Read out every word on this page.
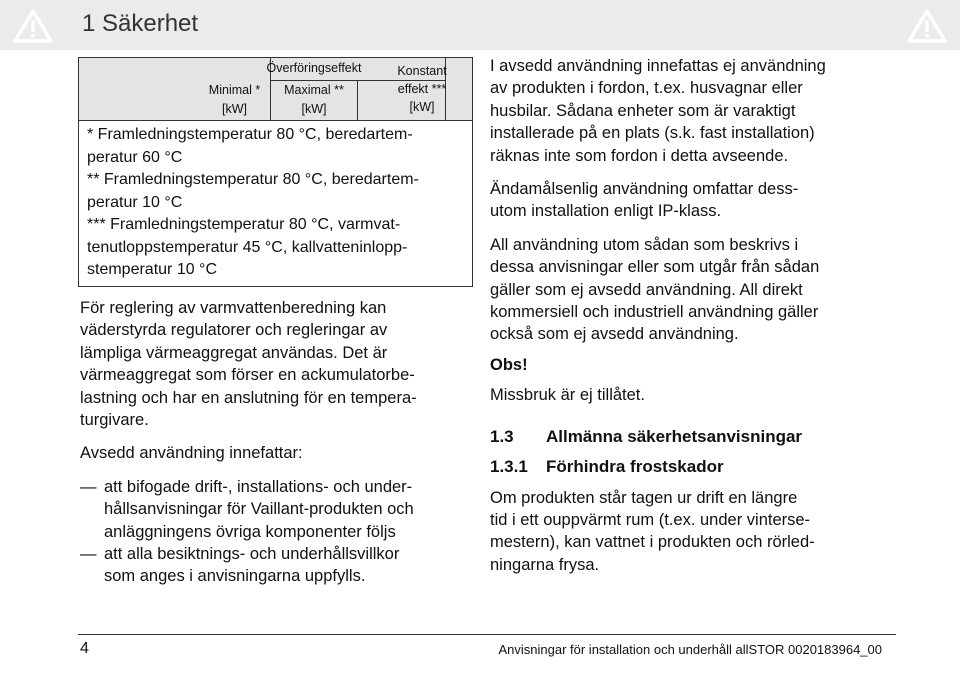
1 Säkerhet
Överföringseffekt
Minimal *
[kW]
Maximal **
[kW]
Konstant
effekt ***
[kW]

* Framledningstemperatur 80 °C, beredartem-

peratur 60 °C

** Framledningstemperatur 80 °C, beredartem-

peratur 10 °C

*** Framledningstemperatur 80 °C, varmvat-

tenutloppstemperatur 45 °C, kallvatteninlopp-

stemperatur 10 °C

För reglering av varmvattenberedning kan

väderstyrda regulatorer och regleringar av

lämpliga värmeaggregat användas. Det är

värmeaggregat som förser en ackumulatorbe-

lastning och har en anslutning för en tempera-

turgivare.

Avsedd användning innefattar:

— att bifogade drift-, installations- och under-
hållsanvisningar för Vaillant-produkten och
anläggningens övriga komponenter följs
— att alla besiktnings- och underhållsvillkor
som anges i anvisningarna uppfylls.

I avsedd användning innefattas ej användning

av produkten i fordon, t.ex. husvagnar eller

husbilar. Sådana enheter som är varaktigt

installerade på en plats (s.k. fast installation)

räknas inte som fordon i detta avseende.

Ändamålsenlig användning omfattar dess-

utom installation enligt IP-klass.

All användning utom sådan som beskrivs i

dessa anvisningar eller som utgår från sådan

gäller som ej avsedd användning. All direkt

kommersiell och industriell användning gäller

också som ej avsedd användning.

Obs!

Missbruk är ej tillåtet.

1.3	Allmänna säkerhetsanvisningar
1.3.1	Förhindra frostskador

Om produkten står tagen ur drift en längre

tid i ett ouppvärmt rum (t.ex. under vinterse-

mestern), kan vattnet i produkten och rörled-

ningarna frysa.

4	Anvisningar för installation och underhåll allSTOR 0020183964_00
